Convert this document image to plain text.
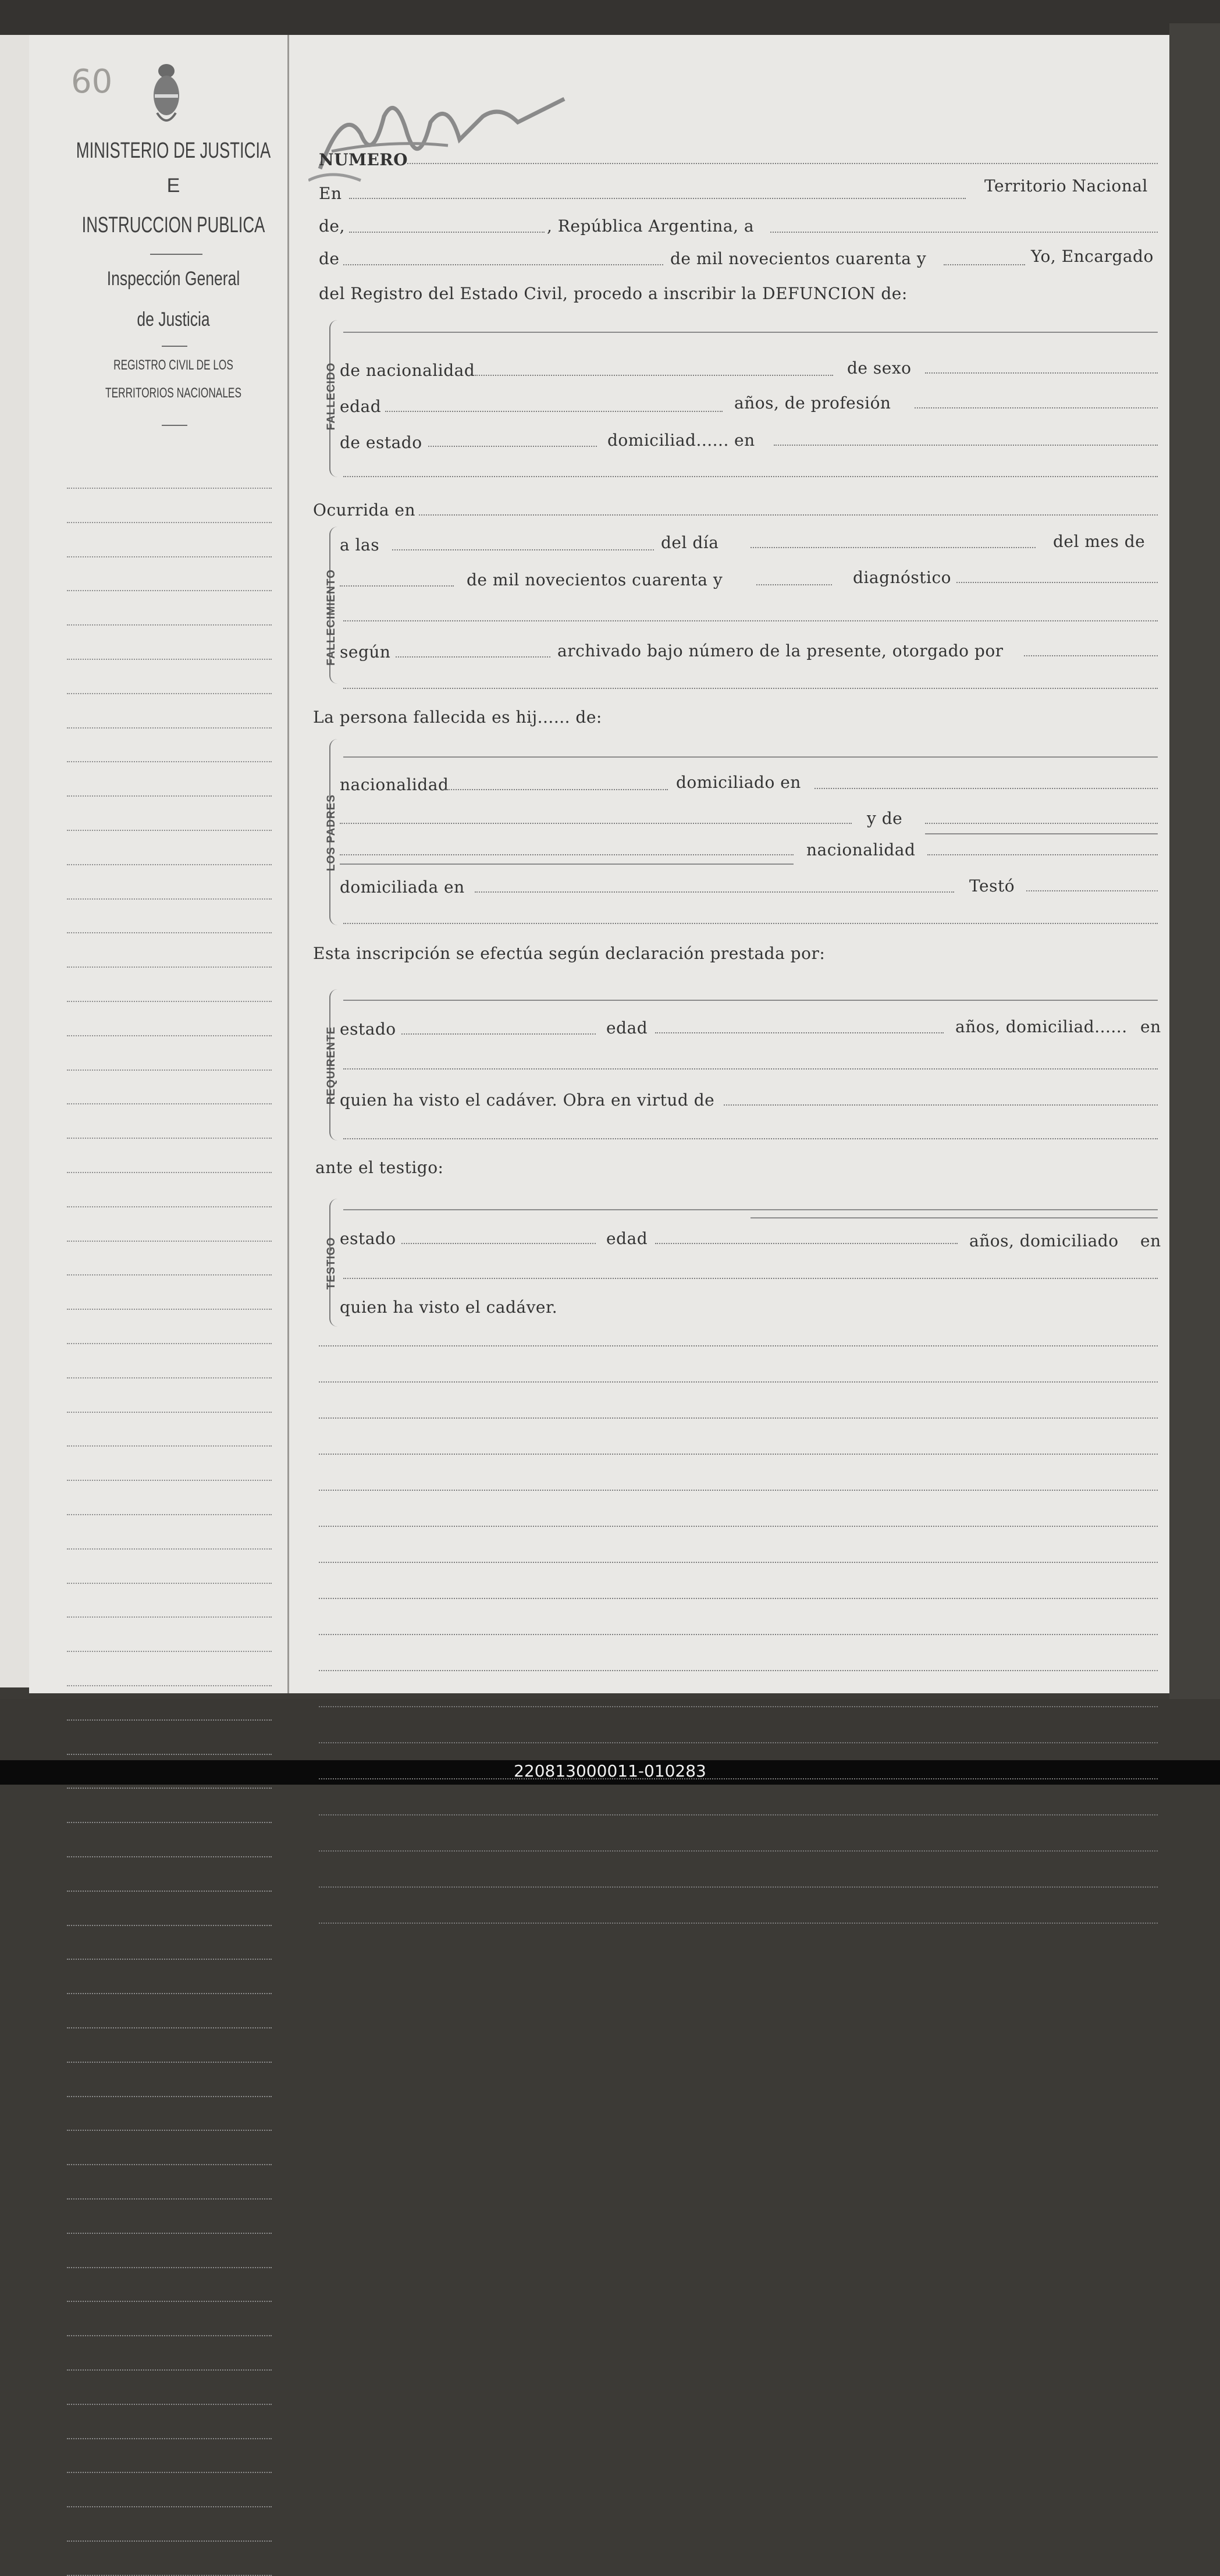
220813000011-010283
60
MINISTERIO DE JUSTICIA
E
INSTRUCCION PUBLICA
Inspección General
de Justicia
REGISTRO CIVIL DE LOS
TERRITORIOS NACIONALES
NUMERO
En	Territorio Nacional
de,	, República Argentina, a
de	de mil novecientos cuarenta y	Yo, Encargado
del Registro del Estado Civil, procedo a inscribir la DEFUNCION de:
FALLECIDO de nacionalidad	de sexo
edad	años, de profesión
de estado	domiciliad...... en
Ocurrida en
FALLECIMIENTO
a las	del día	del mes de
de mil novecientos cuarenta y	diagnóstico
según	archivado bajo número de la presente, otorgado por
La persona fallecida es hij...... de:
LOS PADRES
nacionalidad	domiciliado en
y de
nacionalidad
domiciliada en	Testó
Esta inscripción se efectúa según declaración prestada por:
REQUIRENTE estado	edad	años, domiciliad...... en
quien ha visto el cadáver. Obra en virtud de
ante el testigo:
TESTIGO estado	edad	años, domiciliado en
quien ha visto el cadáver.
